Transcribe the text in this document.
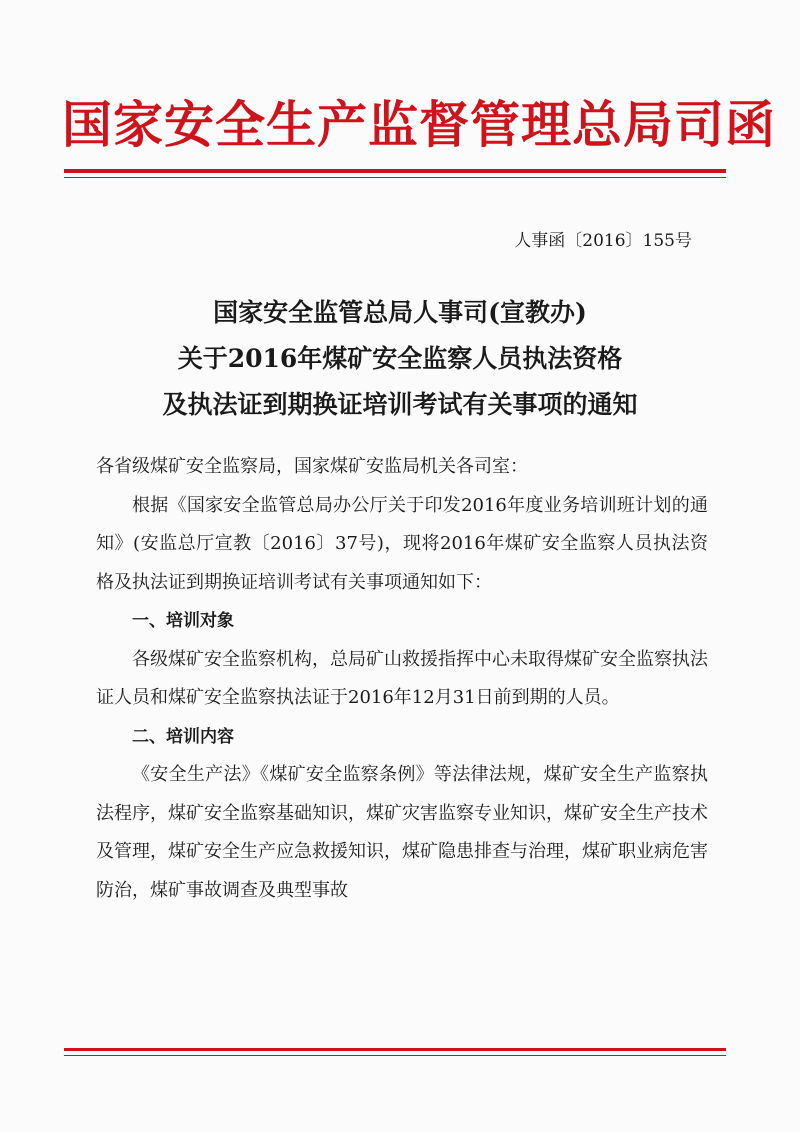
国家安全生产监督管理总局司函
人事函〔2016〕155号
国家安全监管总局人事司(宣教办)
关于2016年煤矿安全监察人员执法资格
及执法证到期换证培训考试有关事项的通知

各省级煤矿安全监察局，国家煤矿安监局机关各司室：

根据《国家安全监管总局办公厅关于印发2016年度业务培训班计划的通知》(安监总厅宣教〔2016〕37号)，现将2016年煤矿安全监察人员执法资格及执法证到期换证培训考试有关事项通知如下：

一、培训对象

各级煤矿安全监察机构，总局矿山救援指挥中心未取得煤矿安全监察执法证人员和煤矿安全监察执法证于2016年12月31日前到期的人员。

二、培训内容

《安全生产法》《煤矿安全监察条例》等法律法规，煤矿安全生产监察执法程序，煤矿安全监察基础知识，煤矿灾害监察专业知识，煤矿安全生产技术及管理，煤矿安全生产应急救援知识，煤矿隐患排查与治理，煤矿职业病危害防治，煤矿事故调查及典型事故
